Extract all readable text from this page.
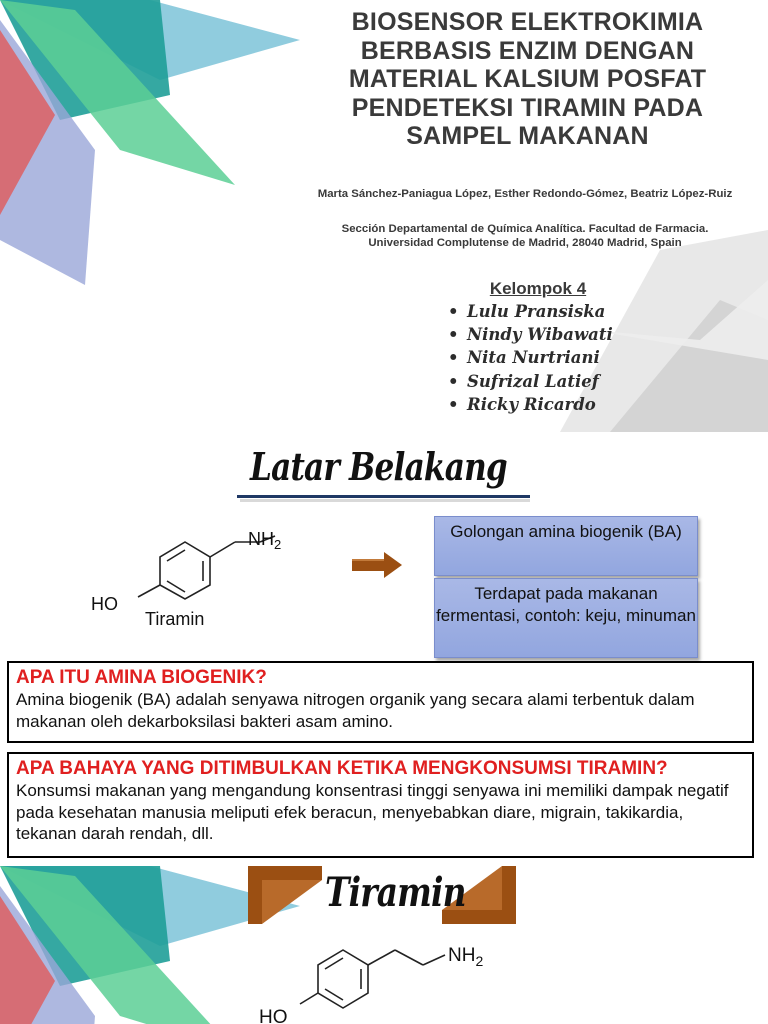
BIOSENSOR ELEKTROKIMIA BERBASIS ENZIM DENGAN MATERIAL KALSIUM POSFAT PENDETEKSI TIRAMIN PADA SAMPEL MAKANAN
Marta Sánchez-Paniagua López, Esther Redondo-Gómez, Beatriz López-Ruiz
Sección Departamental de Química Analítica. Facultad de Farmacia.
Universidad Complutense de Madrid, 28040 Madrid, Spain
Kelompok 4
• Lulu Pransiska
• Nindy Wibawati
• Nita Nurtriani
• Sufrizal Latief
• Ricky Ricardo
Latar Belakang
$NH_2$
HO
Tiramin
Golongan amina biogenik (BA)
Terdapat pada makanan fermentasi, contoh: keju, minuman
APA ITU AMINA BIOGENIK?
Amina biogenik (BA) adalah senyawa nitrogen organik yang secara alami terbentuk dalam makanan oleh dekarboksilasi bakteri asam amino.
APA BAHAYA YANG DITIMBULKAN KETIKA MENGKONSUMSI TIRAMIN?
Konsumsi makanan yang mengandung konsentrasi tinggi senyawa ini memiliki dampak negatif pada kesehatan manusia meliputi efek beracun, menyebabkan diare, migrain, takikardia, tekanan darah rendah, dll.
Tiramin
$NH_2$
HO
